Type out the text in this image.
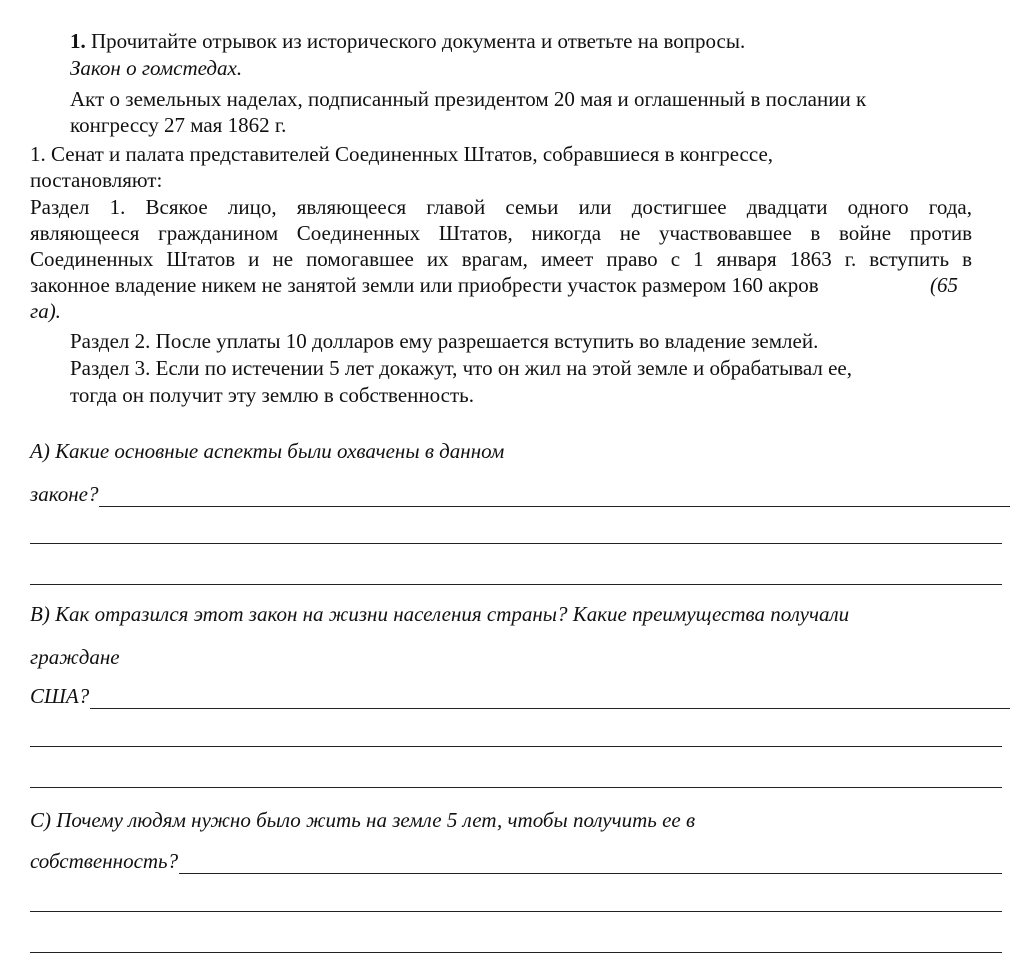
1. Прочитайте отрывок из исторического документа и ответьте на вопросы.
Закон о гомстедах.
Акт о земельных наделах, подписанный президентом 20 мая и оглашенный в послании к
конгрессу 27 мая 1862 г.
1. Сенат и палата представителей Соединенных Штатов, собравшиеся в конгрессе,
постановляют:
Раздел 1. Всякое лицо, являющееся главой семьи или достигшее двадцати одного года,
являющееся гражданином Соединенных Штатов, никогда не участвовавшее в войне против
Соединенных Штатов и не помогавшее их врагам, имеет право с 1 января 1863 г. вступить в
законное владение никем не занятой земли или приобрести участок размером 160 акров	(65
га).
Раздел 2. После уплаты 10 долларов ему разрешается вступить во владение землей.
Раздел 3. Если по истечении 5 лет докажут, что он жил на этой земле и обрабатывал ее,
тогда он получит эту землю в собственность.
А) Какие основные аспекты были охвачены в данном
законе?
В) Как отразился этот закон на жизни населения страны? Какие преимущества получали
граждане
США?
С) Почему людям нужно было жить на земле 5 лет, чтобы получить ее в
собственность?
